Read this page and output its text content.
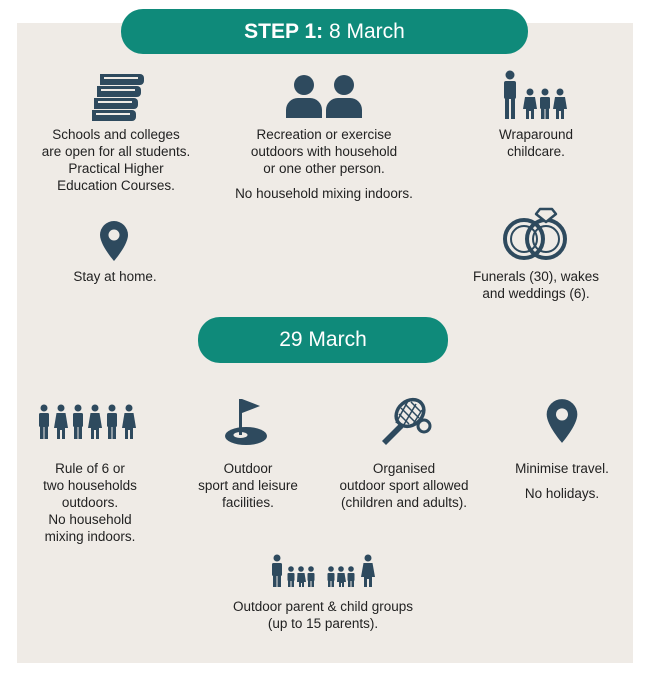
STEP 1: 8 March
Schools and colleges
are open for all students.
Practical Higher
Education Courses.
Recreation or exercise
outdoors with household
or one other person.
No household mixing indoors.
Wraparound
childcare.
Stay at home.	Funerals (30), wakes
and weddings (6).
29 March
Rule of 6 or
two households
outdoors.
No household
mixing indoors.
Outdoor
sport and leisure
facilities.
Organised
outdoor sport allowed
(children and adults).
Minimise travel.
No holidays.
Outdoor parent & child groups
(up to 15 parents).
